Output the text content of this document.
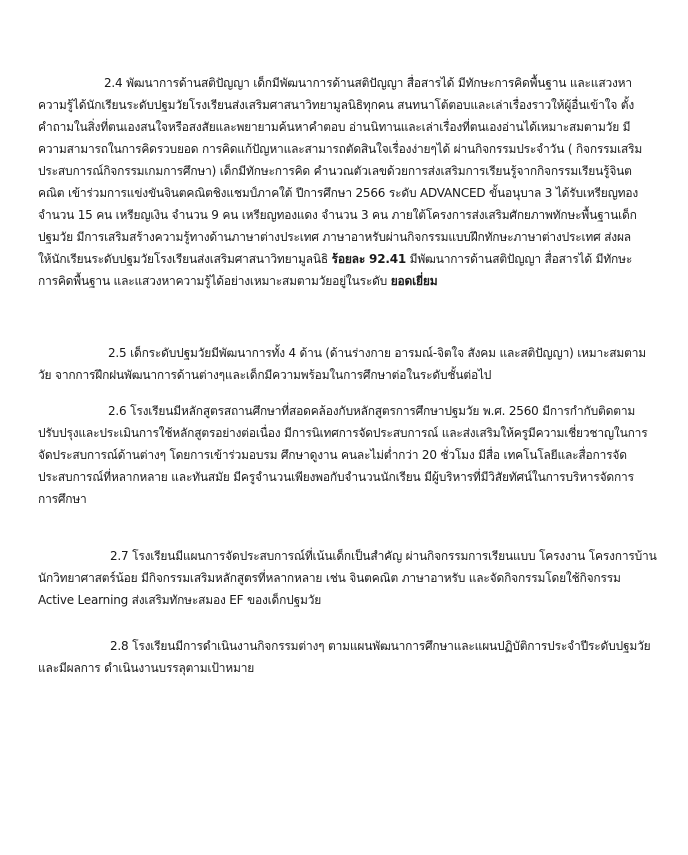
2.4 พัฒนาการด้านสติปัญญา เด็กมีพัฒนาการด้านสติปัญญา สื่อสารได้ มีทักษะการคิดพื้นฐาน และแสวงหา
ความรู้ได้นักเรียนระดับปฐมวัยโรงเรียนส่งเสริมศาสนาวิทยามูลนิธิทุกคน สนทนาโต้ตอบและเล่าเรื่องราวให้ผู้อื่นเข้าใจ ตั้ง
คำถามในสิ่งที่ตนเองสนใจหรือสงสัยและพยายามค้นหาคำตอบ อ่านนิทานและเล่าเรื่องที่ตนเองอ่านได้เหมาะสมตามวัย มี
ความสามารถในการคิดรวบยอด การคิดแก้ปัญหาและสามารถตัดสินใจเรื่องง่ายๆได้ ผ่านกิจกรรมประจำวัน ( กิจกรรมเสริม
ประสบการณ์กิจกรรมเกมการศึกษา) เด็กมีทักษะการคิด คำนวณตัวเลขด้วยการส่งเสริมการเรียนรู้จากกิจกรรมเรียนรู้จินต
คณิต เข้าร่วมการแข่งขันจินตคณิตชิงแชมป์ภาคใต้ ปีการศึกษา 2566 ระดับ ADVANCED ขั้นอนุบาล 3 ได้รับเหรียญทอง
จำนวน 15 คน เหรียญเงิน จำนวน 9 คน เหรียญทองแดง จำนวน 3 คน ภายใต้โครงการส่งเสริมศักยภาพทักษะพื้นฐานเด็ก
ปฐมวัย มีการเสริมสร้างความรู้ทางด้านภาษาต่างประเทศ ภาษาอาหรับผ่านกิจกรรมแบบฝึกทักษะภาษาต่างประเทศ ส่งผล
ให้นักเรียนระดับปฐมวัยโรงเรียนส่งเสริมศาสนาวิทยามูลนิธิ ร้อยละ 92.41 มีพัฒนาการด้านสติปัญญา สื่อสารได้ มีทักษะ
การคิดพื้นฐาน และแสวงหาความรู้ได้อย่างเหมาะสมตามวัยอยู่ในระดับ ยอดเยี่ยม
2.5 เด็กระดับปฐมวัยมีพัฒนาการทั้ง 4 ด้าน (ด้านร่างกาย อารมณ์-จิตใจ สังคม และสติปัญญา) เหมาะสมตาม
วัย จากการฝึกฝนพัฒนาการด้านต่างๆและเด็กมีความพร้อมในการศึกษาต่อในระดับชั้นต่อไป
2.6 โรงเรียนมีหลักสูตรสถานศึกษาที่สอดคล้องกับหลักสูตรการศึกษาปฐมวัย พ.ศ. 2560 มีการกำกับติดตาม
ปรับปรุงและประเมินการใช้หลักสูตรอย่างต่อเนื่อง มีการนิเทศการจัดประสบการณ์ และส่งเสริมให้ครูมีความเชี่ยวชาญในการ
จัดประสบการณ์ด้านต่างๆ โดยการเข้าร่วมอบรม ศึกษาดูงาน คนละไม่ต่ำกว่า 20 ชั่วโมง มีสื่อ เทคโนโลยีและสื่อการจัด
ประสบการณ์ที่หลากหลาย และทันสมัย มีครูจำนวนเพียงพอกับจำนวนนักเรียน มีผู้บริหารที่มีวิสัยทัศน์ในการบริหารจัดการ
การศึกษา
2.7 โรงเรียนมีแผนการจัดประสบการณ์ที่เน้นเด็กเป็นสำคัญ ผ่านกิจกรรมการเรียนแบบ โครงงาน โครงการบ้าน
นักวิทยาศาสตร์น้อย มีกิจกรรมเสริมหลักสูตรที่หลากหลาย เช่น จินตคณิต ภาษาอาหรับ และจัดกิจกรรมโดยใช้กิจกรรม
Active Learning ส่งเสริมทักษะสมอง EF ของเด็กปฐมวัย
2.8 โรงเรียนมีการดำเนินงานกิจกรรมต่างๆ ตามแผนพัฒนาการศึกษาและแผนปฏิบัติการประจำปีระดับปฐมวัย
และมีผลการ ดำเนินงานบรรลุตามเป้าหมาย
